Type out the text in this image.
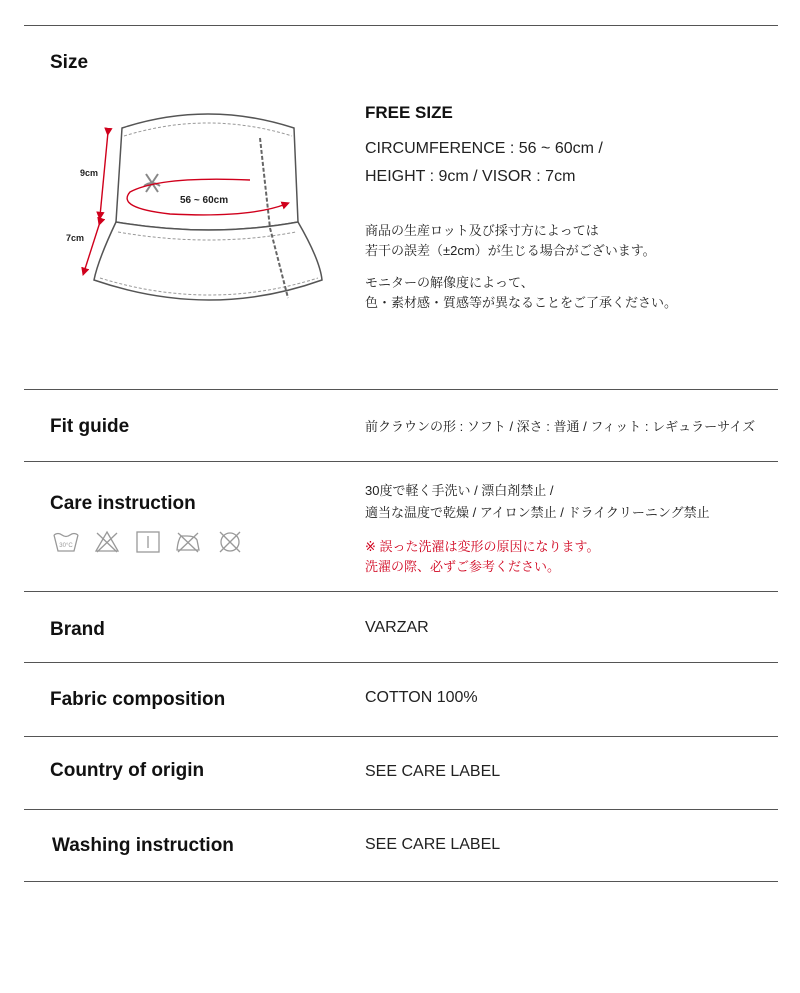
Size
56 ~ 60cm
9cm
7cm
FREE SIZE
CIRCUMFERENCE : 56 ~ 60cm /
HEIGHT : 9cm / VISOR : 7cm
商品の生産ロット及び採寸方によっては
若干の誤差（±2cm）が生じる場合がございます。
モニターの解像度によって、
色・素材感・質感等が異なることをご了承ください。
Fit guide	前クラウンの形 : ソフト / 深さ : 普通 / フィット : レギュラーサイズ
Care instruction
30°C
30度で軽く手洗い / 漂白剤禁止 /
適当な温度で乾燥 / アイロン禁止 / ドライクリーニング禁止
※ 誤った洗濯は変形の原因になります。
洗濯の際、必ずご参考ください。
Brand	VARZAR
Fabric composition	COTTON 100%
Country of origin	SEE CARE LABEL
Washing instruction	SEE CARE LABEL
